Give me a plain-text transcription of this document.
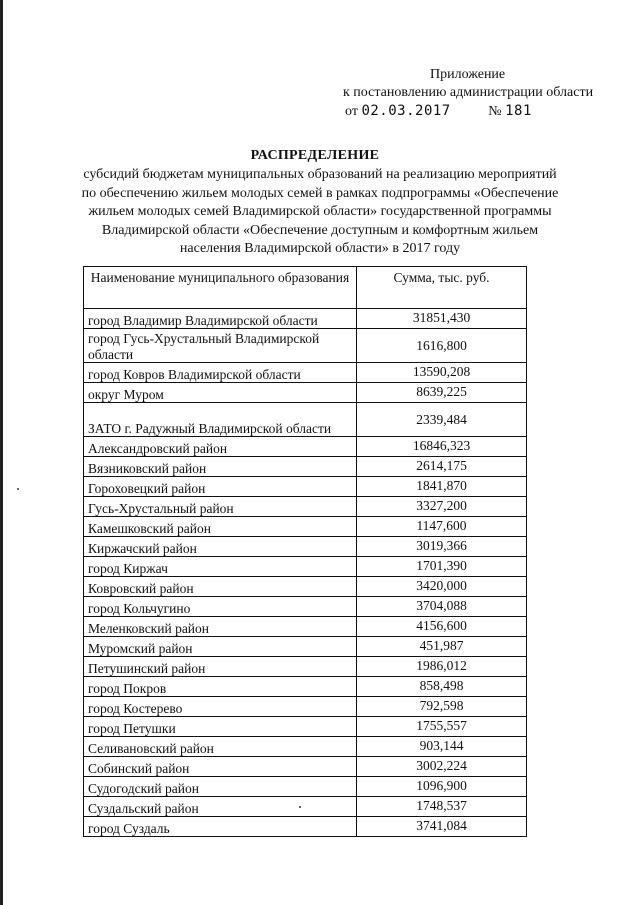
Приложение
к постановлению администрации области
от 02.03.2017	№ 181
РАСПРЕДЕЛЕНИЕ
субсидий бюджетам муниципальных образований на реализацию мероприятий по обеспечению жильем молодых семей в рамках подпрограммы «Обеспечение жильем молодых семей Владимирской области» государственной программы Владимирской области «Обеспечение доступным и комфортным жильем населения Владимирской области» в 2017 году
Наименование муниципального образования	Сумма, тыс. руб.
город Владимир Владимирской области	31851,430
город Гусь-Хрустальный Владимирской области	1616,800
город Ковров Владимирской области	13590,208
округ Муром	8639,225
ЗАТО г. Радужный Владимирской области	2339,484
Александровский район	16846,323
Вязниковский район	2614,175
Гороховецкий район	1841,870
Гусь-Хрустальный район	3327,200
Камешковский район	1147,600
Киржачский район	3019,366
город Киржач	1701,390
Ковровский район	3420,000
город Кольчугино	3704,088
Меленковский район	4156,600
Муромский район	451,987
Петушинский район	1986,012
город Покров	858,498
город Костерево	792,598
город Петушки	1755,557
Селивановский район	903,144
Собинский район	3002,224
Судогодский район	1096,900
Суздальский район	1748,537
город Суздаль	3741,084
